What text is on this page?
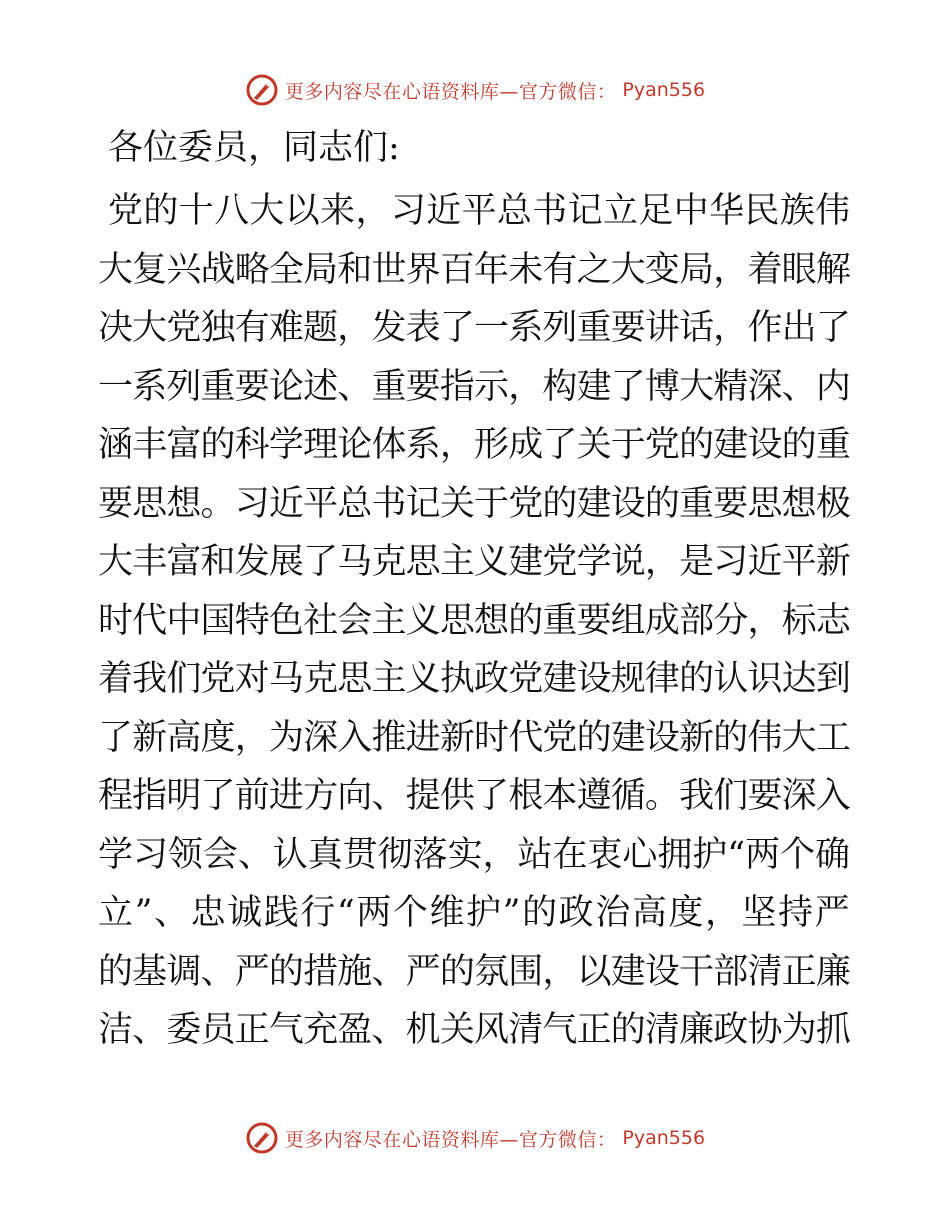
更多内容尽在心语资料库—官方微信： Pyan556
各位委员，同志们:
党的十八大以来，习近平总书记立足中华民族伟
大复兴战略全局和世界百年未有之大变局，着眼解
决大党独有难题，发表了一系列重要讲话，作出了
一系列重要论述、重要指示，构建了博大精深、内
涵丰富的科学理论体系，形成了关于党的建设的重
要思想。习近平总书记关于党的建设的重要思想极
大丰富和发展了马克思主义建党学说，是习近平新
时代中国特色社会主义思想的重要组成部分，标志
着我们党对马克思主义执政党建设规律的认识达到
了新高度，为深入推进新时代党的建设新的伟大工
程指明了前进方向、提供了根本遵循。我们要深入
学习领会、认真贯彻落实，站在衷心拥护“两个确
立”、忠诚践行“两个维护”的政治高度，坚持严
的基调、严的措施、严的氛围，以建设干部清正廉
洁、委员正气充盈、机关风清气正的清廉政协为抓
更多内容尽在心语资料库—官方微信： Pyan556
